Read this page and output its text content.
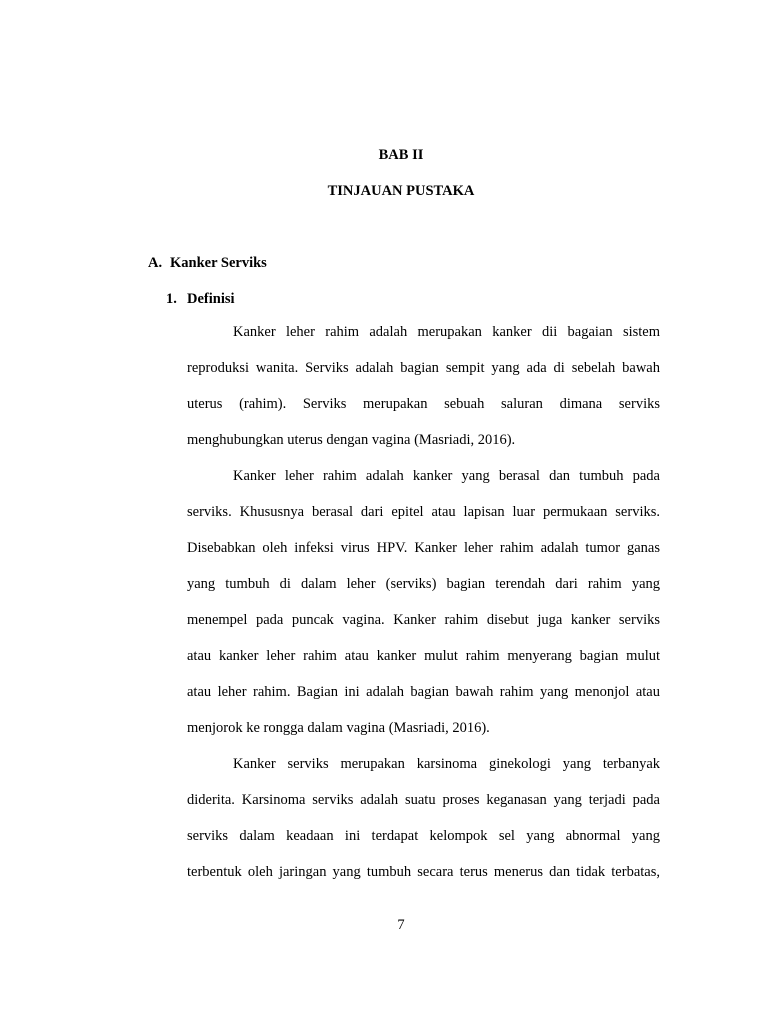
BAB II
TINJAUAN PUSTAKA
A. Kanker Serviks
1. Definisi
Kanker leher rahim adalah merupakan kanker dii bagaian sistem
reproduksi wanita. Serviks adalah bagian sempit yang ada di sebelah bawah
uterus (rahim). Serviks merupakan sebuah saluran dimana serviks
menghubungkan uterus dengan vagina (Masriadi, 2016).
Kanker leher rahim adalah kanker yang berasal dan tumbuh pada
serviks. Khususnya berasal dari epitel atau lapisan luar permukaan serviks.
Disebabkan oleh infeksi virus HPV. Kanker leher rahim adalah tumor ganas
yang tumbuh di dalam leher (serviks) bagian terendah dari rahim yang
menempel pada puncak vagina. Kanker rahim disebut juga kanker serviks
atau kanker leher rahim atau kanker mulut rahim menyerang bagian mulut
atau leher rahim. Bagian ini adalah bagian bawah rahim yang menonjol atau
menjorok ke rongga dalam vagina (Masriadi, 2016).
Kanker serviks merupakan karsinoma ginekologi yang terbanyak
diderita. Karsinoma serviks adalah suatu proses keganasan yang terjadi pada
serviks dalam keadaan ini terdapat kelompok sel yang abnormal yang
terbentuk oleh jaringan yang tumbuh secara terus menerus dan tidak terbatas,
7
